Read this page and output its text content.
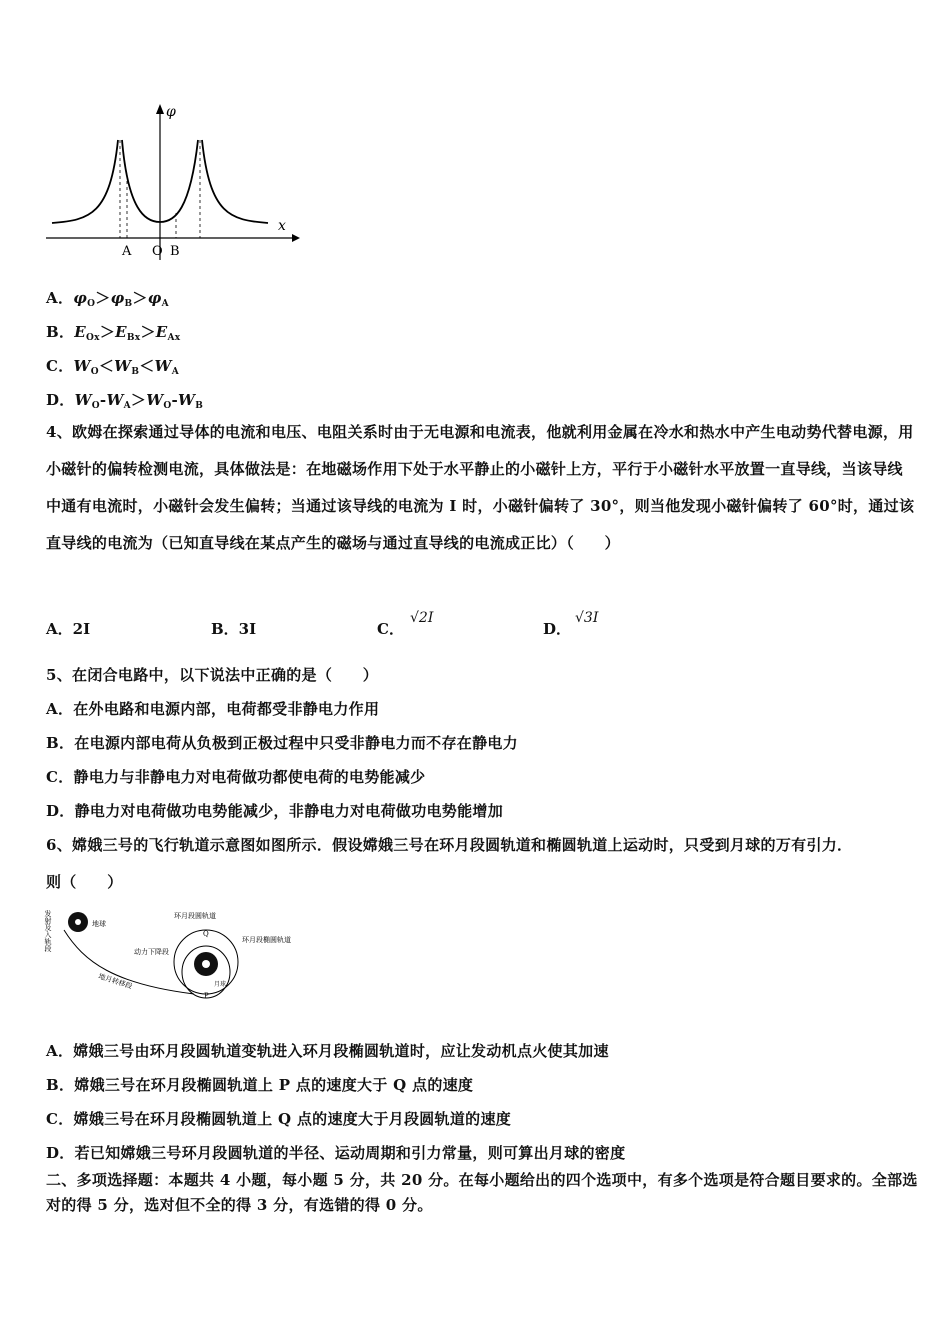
φ
x
A O B
A．$\varphi_O>\varphi_B>\varphi_A$
B．$E_{Ox}>E_{Bx}>E_{Ax}$
C．$W_O<W_B<W_A$
D．$W_O-W_A>W_O-W_B$
4、欧姆在探索通过导体的电流和电压、电阻关系时由于无电源和电流表，他就利用金属在冷水和热水中产生电动势代替电源，用小磁针的偏转检测电流，具体做法是：在地磁场作用下处于水平静止的小磁针上方，平行于小磁针水平放置一直导线，当该导线中通有电流时，小磁针会发生偏转；当通过该导线的电流为 I 时，小磁针偏转了 30°，则当他发现小磁针偏转了 60°时，通过该直导线的电流为（已知直导线在某点产生的磁场与通过直导线的电流成正比）（　　）
A．2I	B．3I	C．
√2I
D．
√3I
5、在闭合电路中，以下说法中正确的是（　　）
A．在外电路和电源内部，电荷都受非静电力作用
B．在电源内部电荷从负极到正极过程中只受非静电力而不存在静电力
C．静电力与非静电力对电荷做功都使电荷的电势能减少
D．静电力对电荷做功电势能减少，非静电力对电荷做功电势能增加
6、嫦娥三号的飞行轨道示意图如图所示．假设嫦娥三号在环月段圆轨道和椭圆轨道上运动时，只受到月球的万有引力．
则（　　）
发射及入轨段	地球
环月段圆轨道
环月段椭圆轨道
动力下降段
地月转移段
Q
P
月球
A．嫦娥三号由环月段圆轨道变轨进入环月段椭圆轨道时，应让发动机点火使其加速
B．嫦娥三号在环月段椭圆轨道上 P 点的速度大于 Q 点的速度
C．嫦娥三号在环月段椭圆轨道上 Q 点的速度大于月段圆轨道的速度
D．若已知嫦娥三号环月段圆轨道的半径、运动周期和引力常量，则可算出月球的密度
二、多项选择题：本题共 4 小题，每小题 5 分，共 20 分。在每小题给出的四个选项中，有多个选项是符合题目要求的。全部选对的得 5 分，选对但不全的得 3 分，有选错的得 0 分。
